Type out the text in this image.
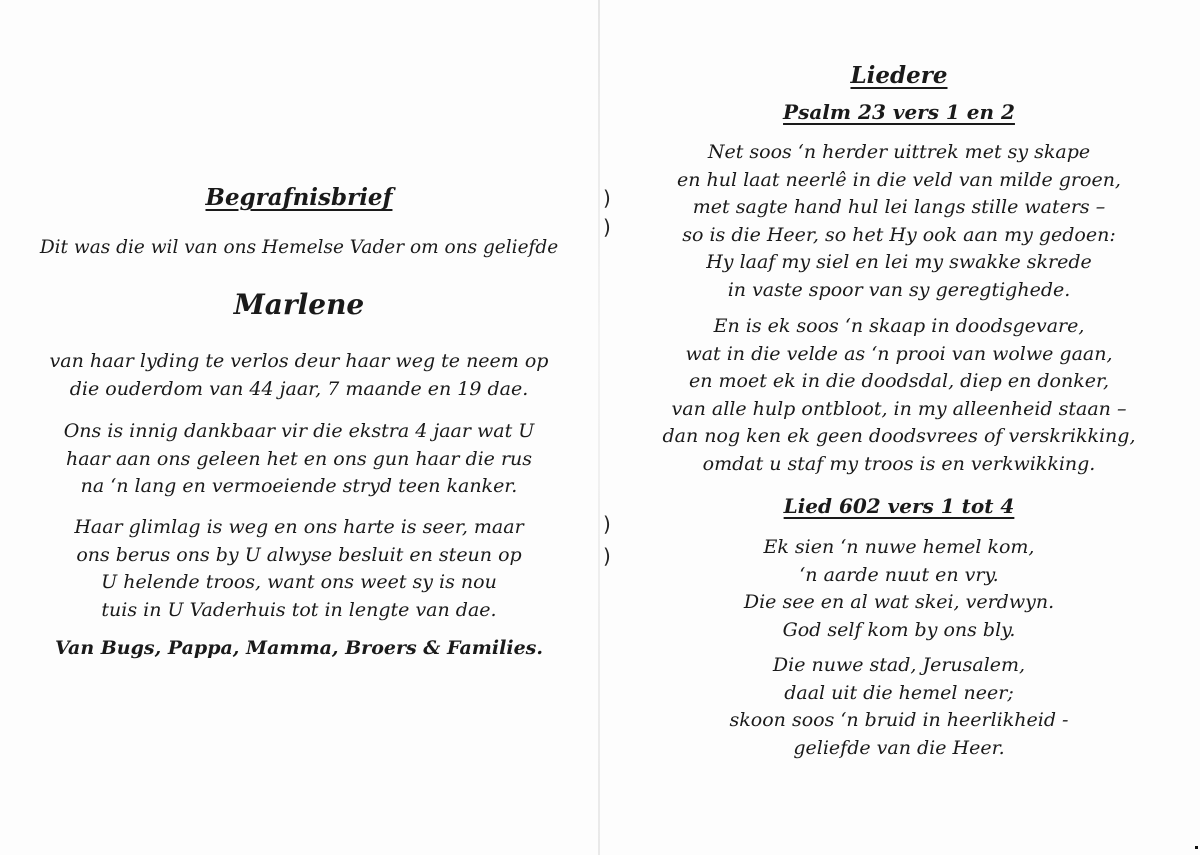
)
)
)
)
Begrafnisbrief
Dit was die wil van ons Hemelse Vader om ons geliefde
Marlene
van haar lyding te verlos deur haar weg te neem op
die ouderdom van 44 jaar, 7 maande en 19 dae.
Ons is innig dankbaar vir die ekstra 4 jaar wat U
haar aan ons geleen het en ons gun haar die rus
na ‘n lang en vermoeiende stryd teen kanker.
Haar glimlag is weg en ons harte is seer, maar
ons berus ons by U alwyse besluit en steun op
U helende troos, want ons weet sy is nou
tuis in U Vaderhuis tot in lengte van dae.
Van Bugs, Pappa, Mamma, Broers & Families.
Liedere
Psalm 23 vers 1 en 2
Net soos ‘n herder uittrek met sy skape
en hul laat neerlê in die veld van milde groen,
met sagte hand hul lei langs stille waters –
so is die Heer, so het Hy ook aan my gedoen:
Hy laaf my siel en lei my swakke skrede
in vaste spoor van sy geregtighede.
En is ek soos ‘n skaap in doodsgevare,
wat in die velde as ‘n prooi van wolwe gaan,
en moet ek in die doodsdal, diep en donker,
van alle hulp ontbloot, in my alleenheid staan –
dan nog ken ek geen doodsvrees of verskrikking,
omdat u staf my troos is en verkwikking.
Lied 602 vers 1 tot 4
Ek sien ‘n nuwe hemel kom,
‘n aarde nuut en vry.
Die see en al wat skei, verdwyn.
God self kom by ons bly.
Die nuwe stad, Jerusalem,
daal uit die hemel neer;
skoon soos ‘n bruid in heerlikheid -
geliefde van die Heer.
